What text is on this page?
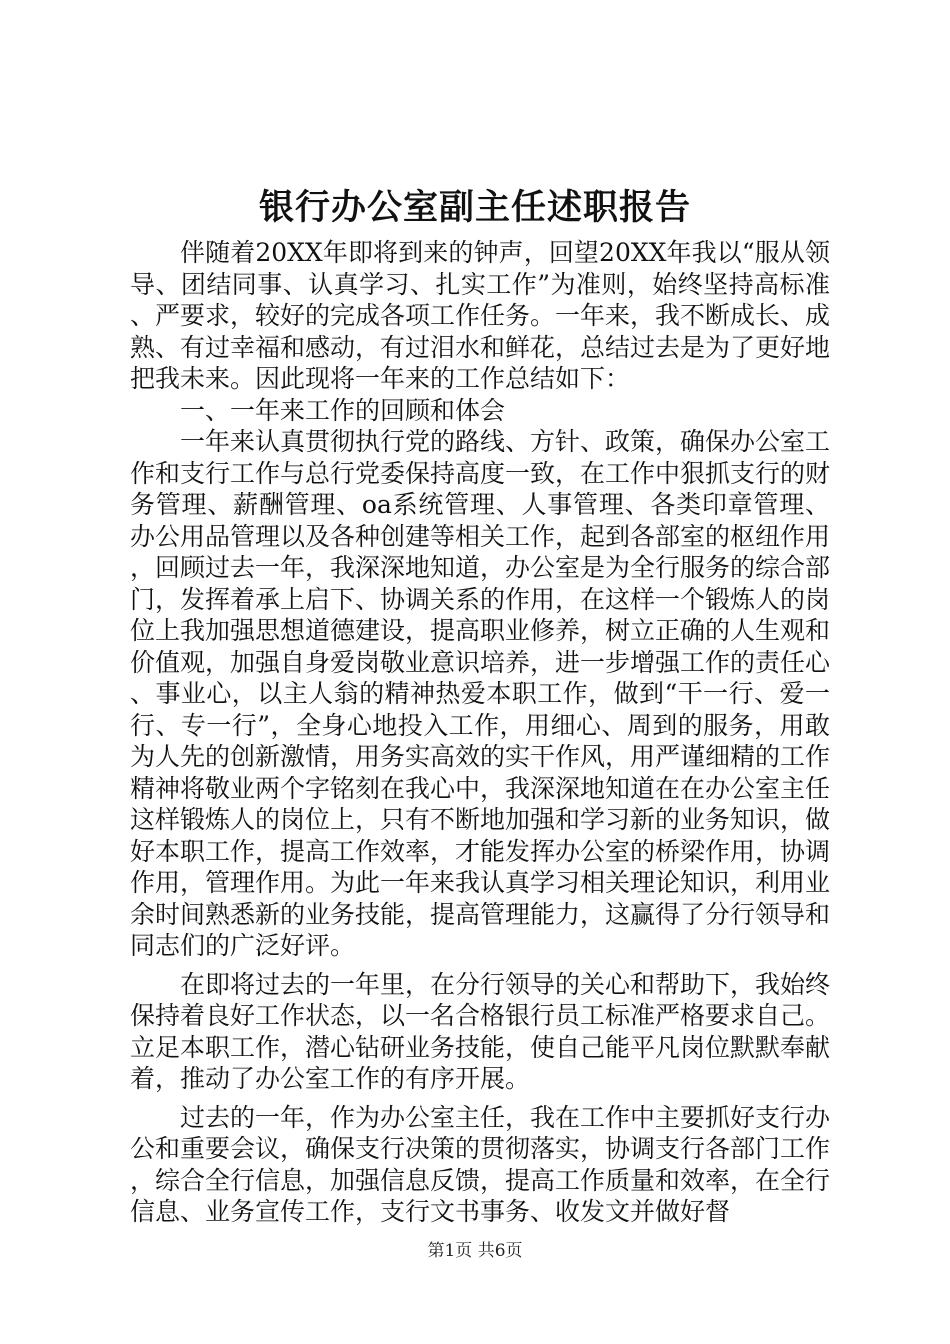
银行办公室副主任述职报告

伴随着20XX年即将到来的钟声，回望20XX年我以“服从领导、团结同事、认真学习、扎实工作”为准则，始终坚持高标准、严要求，较好的完成各项工作任务。一年来，我不断成长、成熟、有过幸福和感动，有过泪水和鲜花，总结过去是为了更好地把我未来。因此现将一年来的工作总结如下：

一、一年来工作的回顾和体会

一年来认真贯彻执行党的路线、方针、政策，确保办公室工作和支行工作与总行党委保持高度一致，在工作中狠抓支行的财务管理、薪酬管理、oa系统管理、人事管理、各类印章管理、办公用品管理以及各种创建等相关工作，起到各部室的枢纽作用，回顾过去一年，我深深地知道，办公室是为全行服务的综合部门，发挥着承上启下、协调关系的作用，在这样一个锻炼人的岗位上我加强思想道德建设，提高职业修养，树立正确的人生观和价值观，加强自身爱岗敬业意识培养，进一步增强工作的责任心、事业心，以主人翁的精神热爱本职工作，做到“干一行、爱一行、专一行”，全身心地投入工作，用细心、周到的服务，用敢为人先的创新激情，用务实高效的实干作风，用严谨细精的工作精神将敬业两个字铭刻在我心中，我深深地知道在在办公室主任这样锻炼人的岗位上，只有不断地加强和学习新的业务知识，做好本职工作，提高工作效率，才能发挥办公室的桥梁作用，协调作用，管理作用。为此一年来我认真学习相关理论知识，利用业余时间熟悉新的业务技能，提高管理能力，这赢得了分行领导和同志们的广泛好评。

在即将过去的一年里，在分行领导的关心和帮助下，我始终保持着良好工作状态，以一名合格银行员工标准严格要求自己。立足本职工作，潜心钻研业务技能，使自己能平凡岗位默默奉献着，推动了办公室工作的有序开展。

过去的一年，作为办公室主任，我在工作中主要抓好支行办公和重要会议，确保支行决策的贯彻落实，协调支行各部门工作，综合全行信息，加强信息反馈，提高工作质量和效率，在全行信息、业务宣传工作，支行文书事务、收发文并做好督

第1页 共6页
